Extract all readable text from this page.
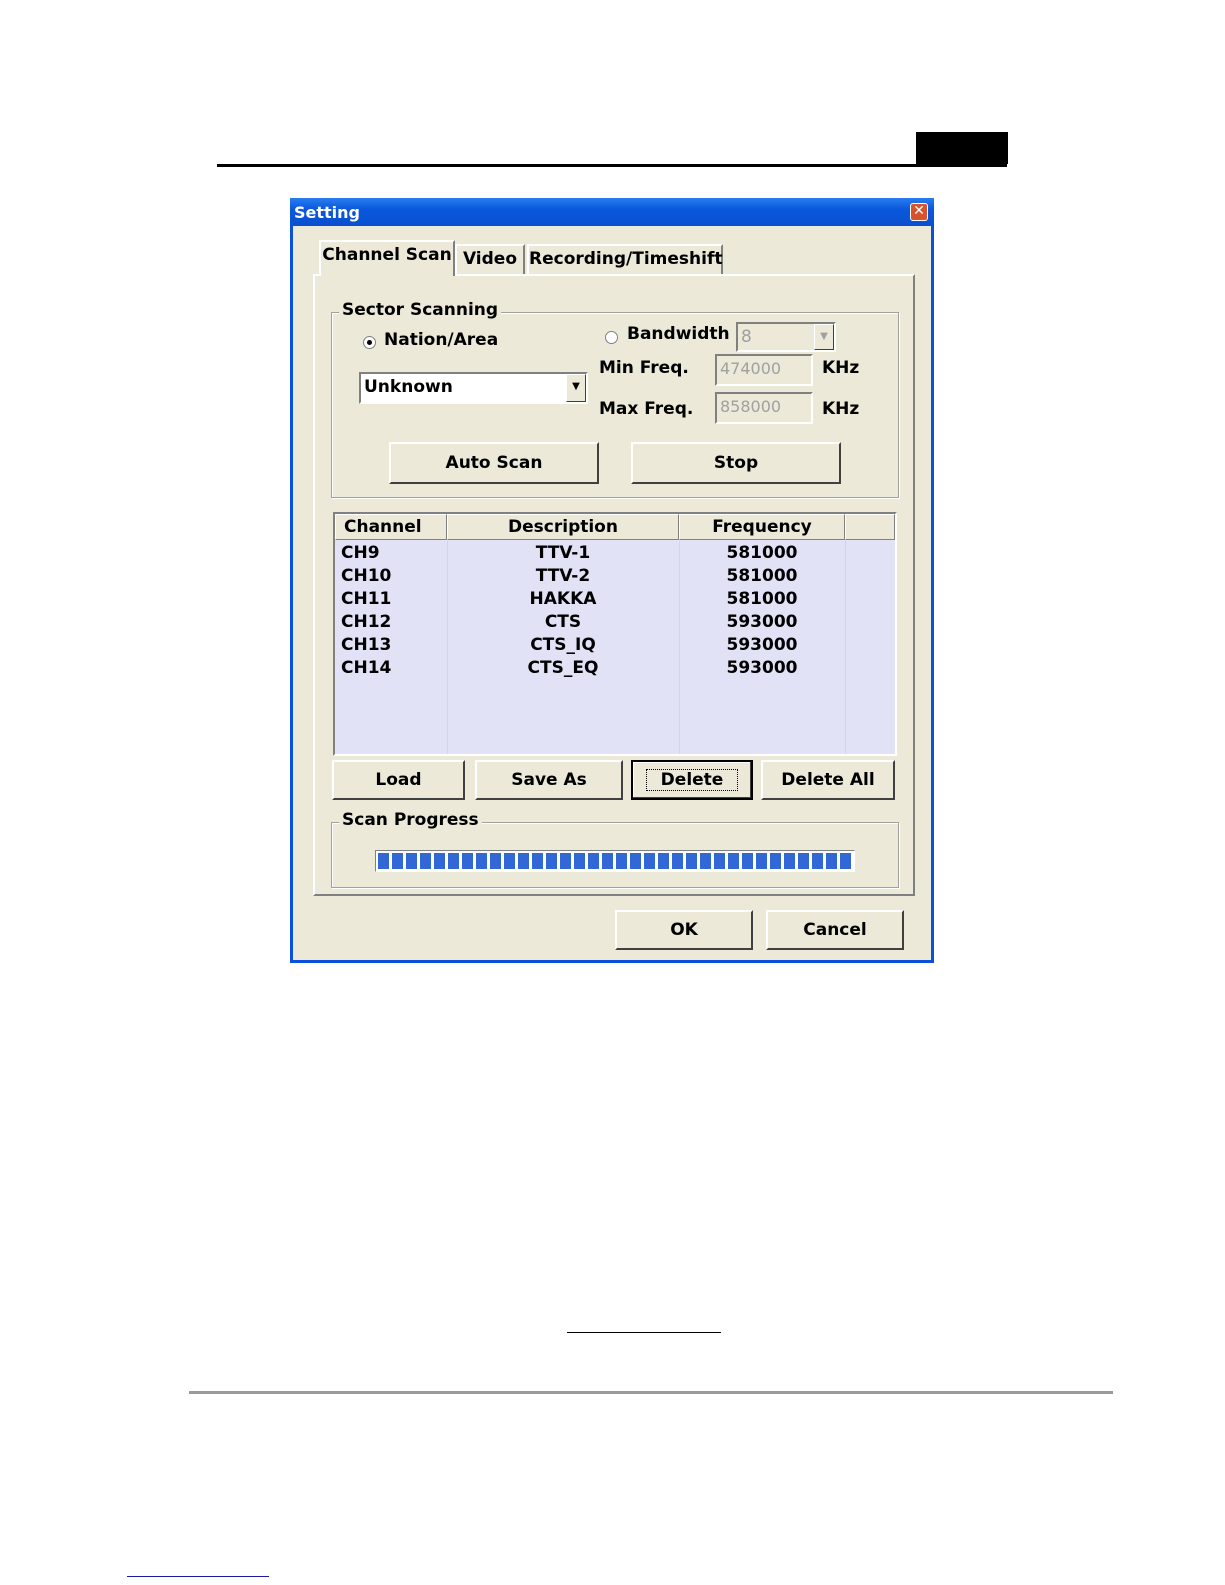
Setting	✕
Channel Scan Video Recording/Timeshift
Sector Scanning
Nation/Area
Unknown	▼
Bandwidth 8	▼
Min Freq.	474000	KHz
Max Freq.	858000	KHz
Auto Scan	Stop
Channel	Description	Frequency
CH9	TTV-1	581000
CH10	TTV-2	581000
CH11	HAKKA	581000
CH12	CTS	593000
CH13	CTS_IQ	593000
CH14	CTS_EQ	593000
Load	Save As	Delete	Delete All
Scan Progress
OK	Cancel
